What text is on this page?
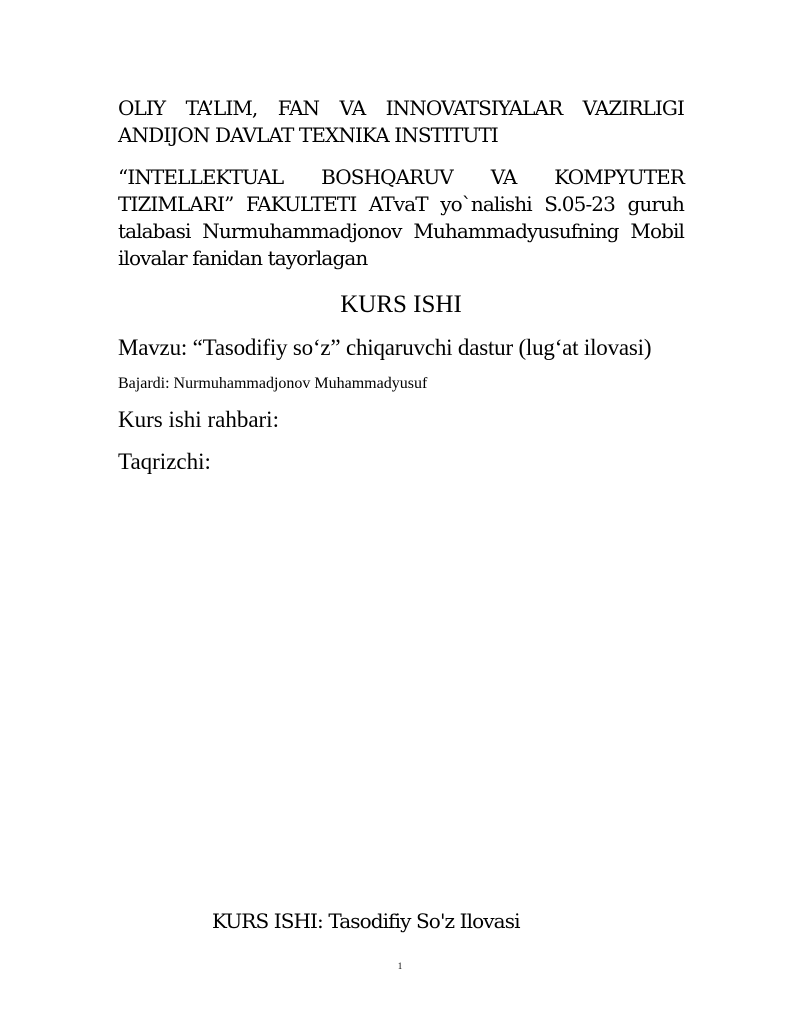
OLIY TA’LIM, FAN VA INNOVATSIYALAR VAZIRLIGI
ANDIJON DAVLAT TEXNIKA INSTITUTI
“INTELLEKTUAL BOSHQARUV VA KOMPYUTER
TIZIMLARI” FAKULTETI ATvaT yo`nalishi S.05-23 guruh
talabasi Nurmuhammadjonov Muhammadyusufning Mobil
ilovalar fanidan tayorlagan
KURS ISHI
Mavzu: “Tasodifiy so‘z” chiqaruvchi dastur (lug‘at ilovasi)
Bajardi: Nurmuhammadjonov Muhammadyusuf
Kurs ishi rahbari:
Taqrizchi:
KURS ISHI: Tasodifiy So'z Ilovasi
1
